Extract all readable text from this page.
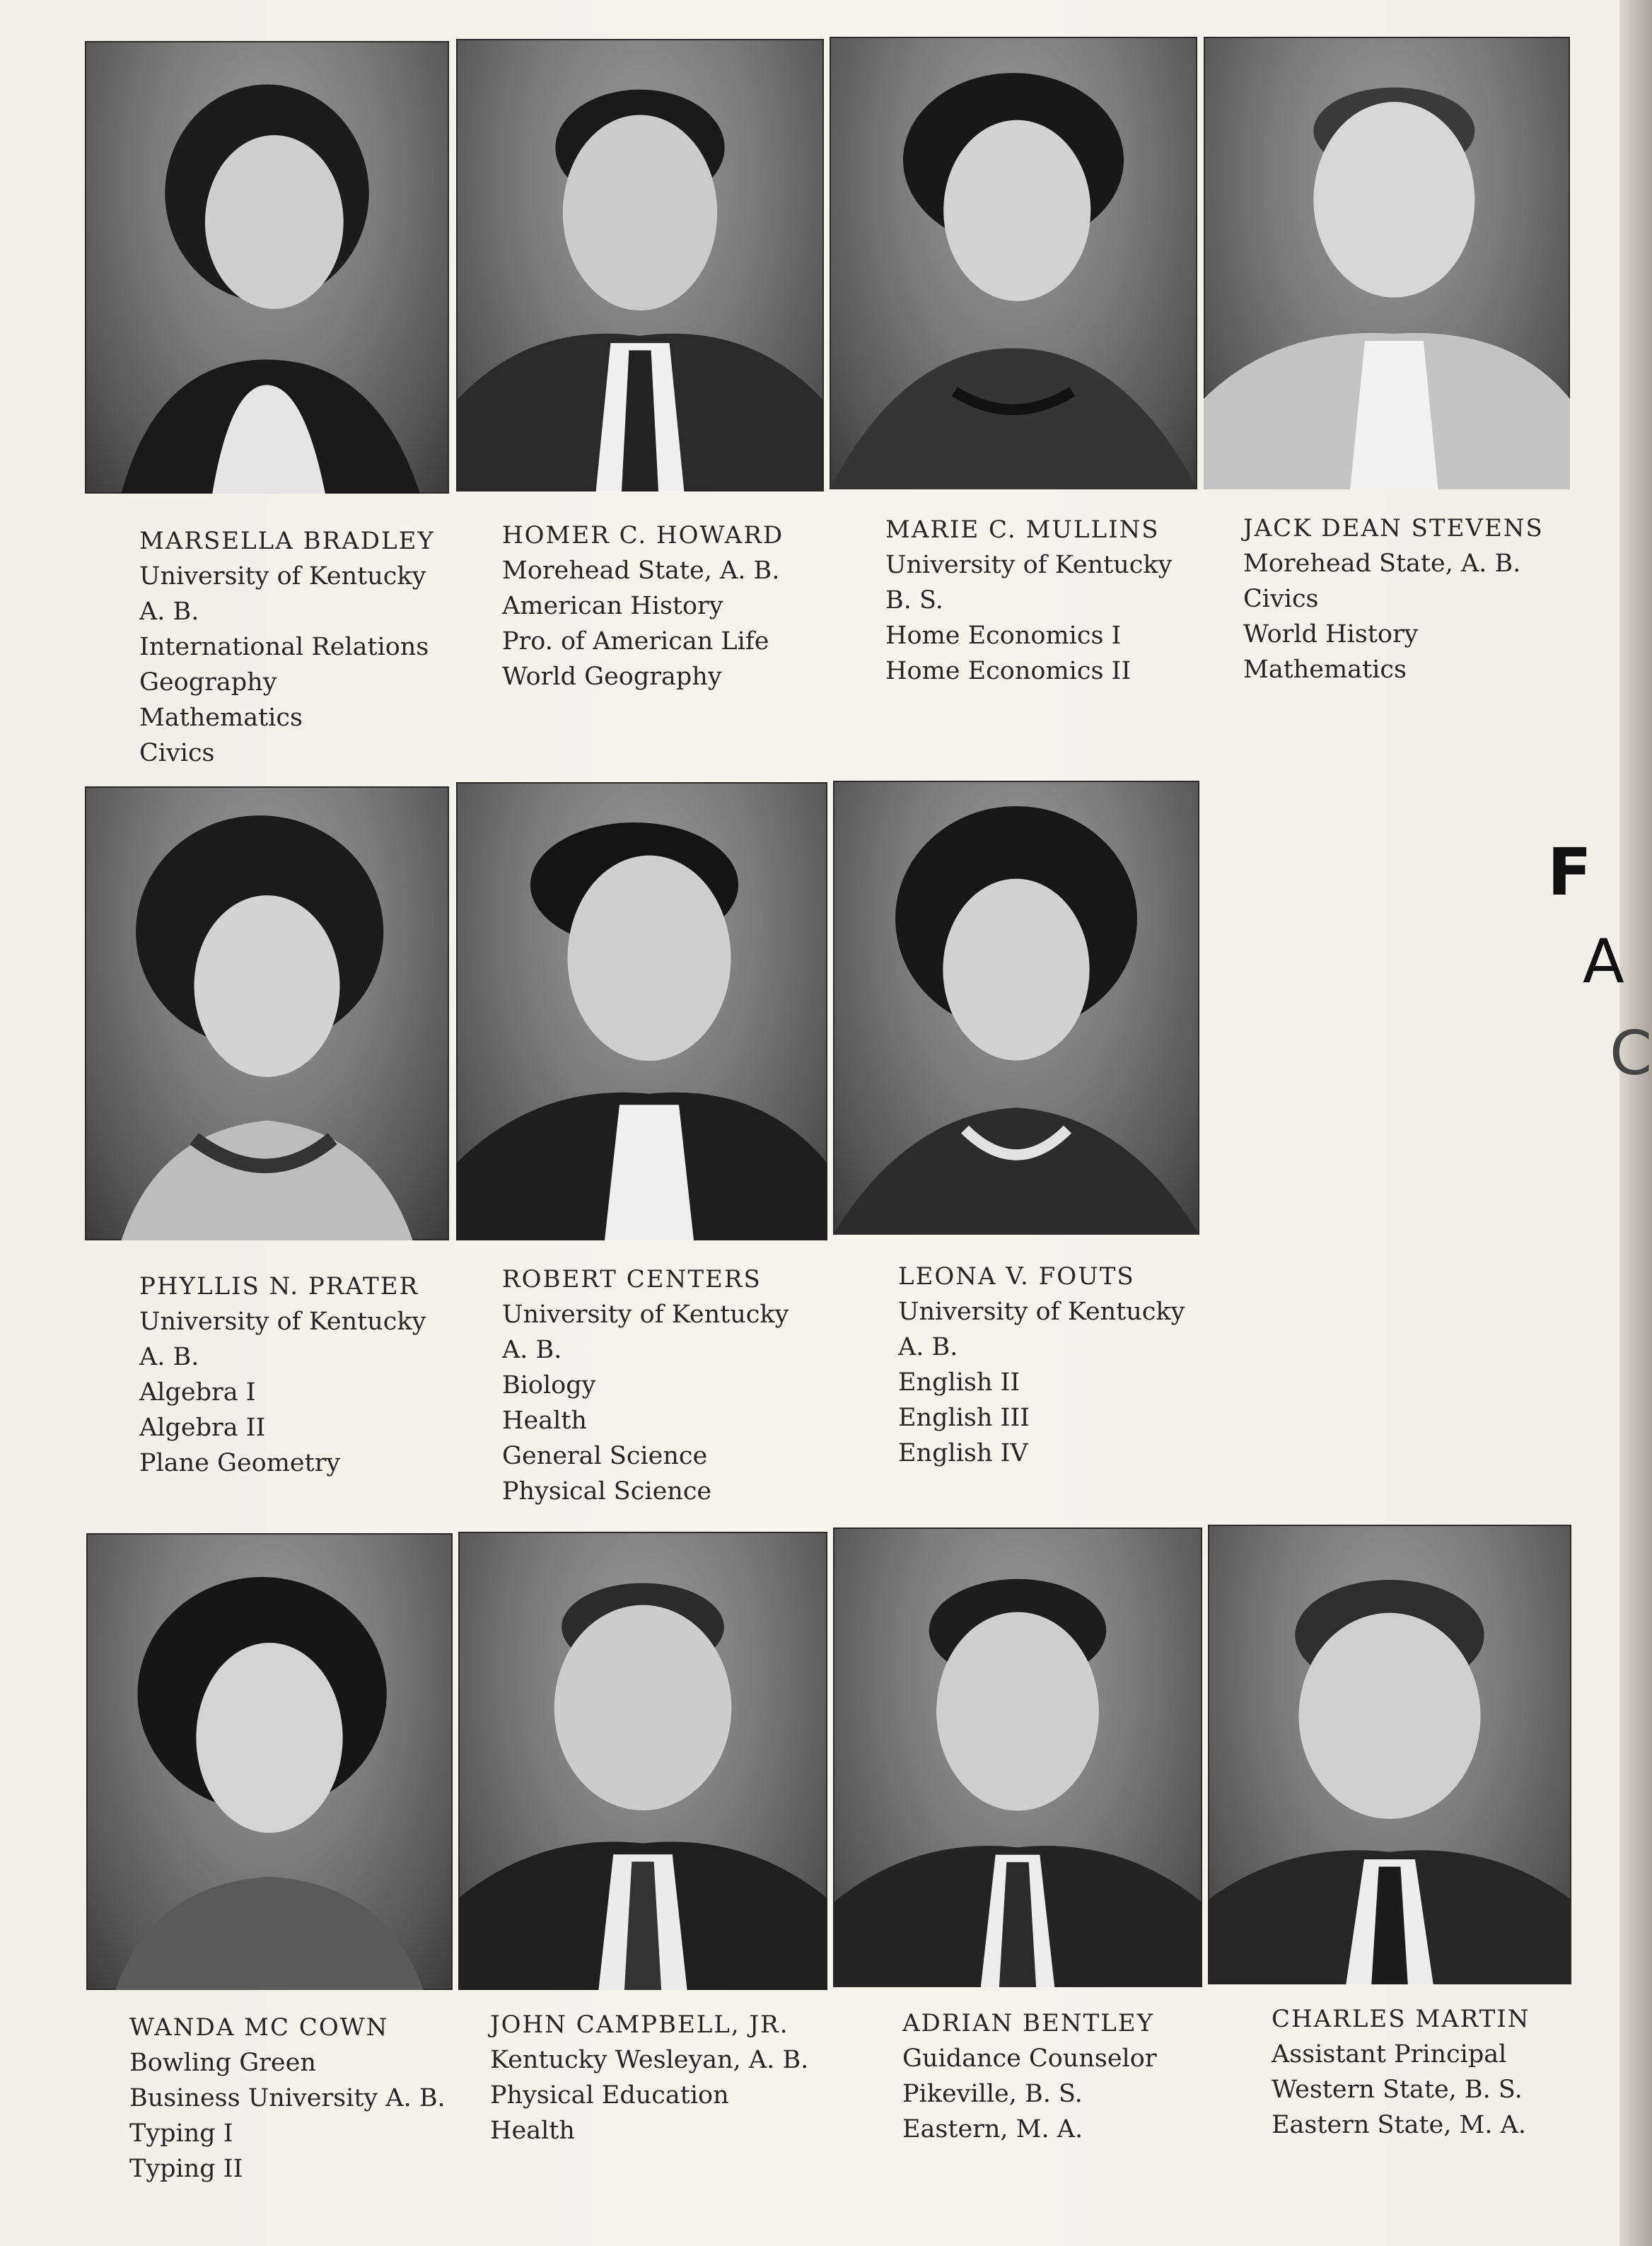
F
A
C
MARSELLA BRADLEY
University of Kentucky
A. B.
International Relations
Geography
Mathematics
Civics
HOMER C. HOWARD
Morehead State, A. B.
American History
Pro. of American Life
World Geography
MARIE C. MULLINS
University of Kentucky
B. S.
Home Economics I
Home Economics II
JACK DEAN STEVENS
Morehead State, A. B.
Civics
World History
Mathematics
PHYLLIS N. PRATER
University of Kentucky
A. B.
Algebra I
Algebra II
Plane Geometry
ROBERT CENTERS
University of Kentucky
A. B.
Biology
Health
General Science
Physical Science
LEONA V. FOUTS
University of Kentucky
A. B.
English II
English III
English IV
WANDA MC COWN
Bowling Green
Business University A. B.
Typing I
Typing II
JOHN CAMPBELL, JR.
Kentucky Wesleyan, A. B.
Physical Education
Health
ADRIAN BENTLEY
Guidance Counselor
Pikeville, B. S.
Eastern, M. A.
CHARLES MARTIN
Assistant Principal
Western State, B. S.
Eastern State, M. A.
